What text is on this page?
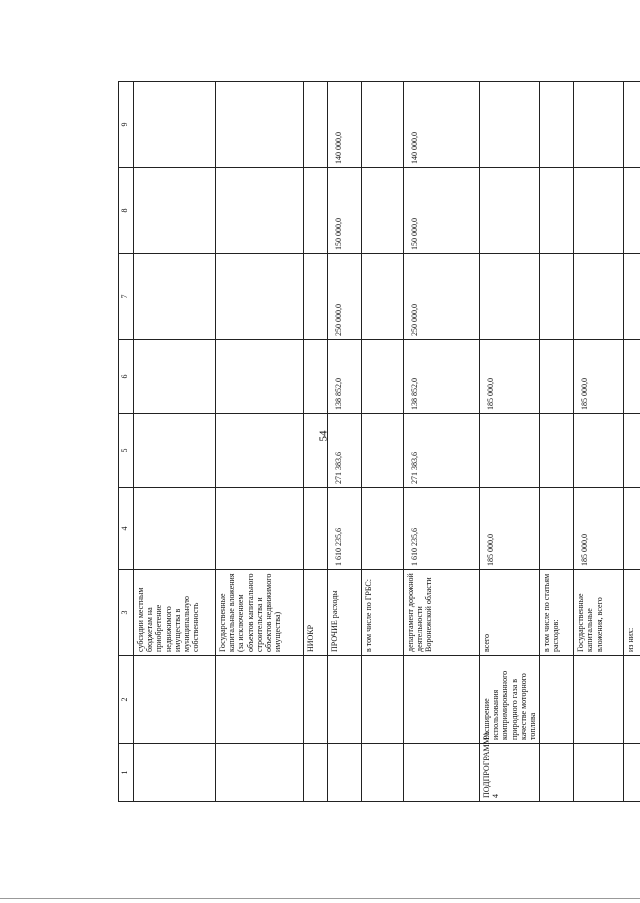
54
1	2	3	4	5	6	7	8	9
		субсидии местным бюджетам на приобретение недвижимого имущества в муниципальную собственность						
		Государственные капитальные вложения (за исключением объектов капитального строительства и объектов недвижимого имущества)						
		НИОКР						
		ПРОЧИЕ расходы	1 610 235,6	271 383,6	138 852,0	250 000,0	150 000,0	140 000,0
		в том числе по ГРБС:						
		департамент дорожной деятельности Воронежской области	1 610 235,6	271 383,6	138 852,0	250 000,0	150 000,0	140 000,0
ПОДПРОГРАММА 4	Расширение использования компримированного природного газа в качестве моторного топлива	всего	185 000,0		185 000,0			
		в том числе по статьям расходов:						
		Государственные капитальные вложения, всего	185 000,0		185 000,0			
		из них:						
